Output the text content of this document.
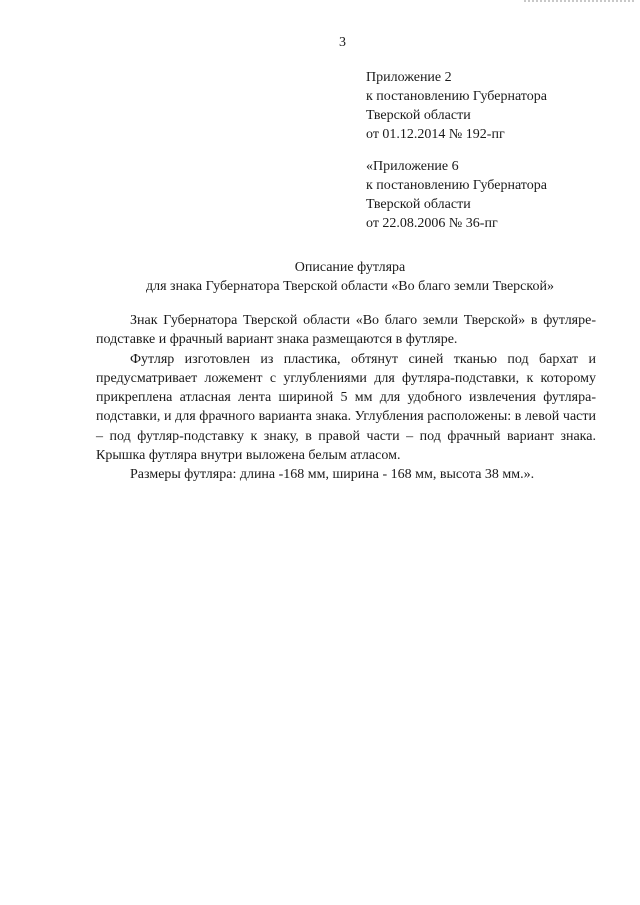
3
Приложение 2
к постановлению Губернатора
Тверской области
от 01.12.2014 № 192-пг
«Приложение 6
к постановлению Губернатора
Тверской области
от 22.08.2006 № 36-пг
Описание футляра
для знака Губернатора Тверской области «Во благо земли Тверской»

Знак Губернатора Тверской области «Во благо земли Тверской» в футляре-подставке и фрачный вариант знака размещаются в футляре.

Футляр изготовлен из пластика, обтянут синей тканью под бархат и предусматривает ложемент с углублениями для футляра-подставки, к которому прикреплена атласная лента шириной 5 мм для удобного извлечения футляра-подставки, и для фрачного варианта знака. Углубления расположены: в левой части – под футляр-подставку к знаку, в правой части – под фрачный вариант знака. Крышка футляра внутри выложена белым атласом.

Размеры футляра: длина -168 мм, ширина - 168 мм, высота 38 мм.».
